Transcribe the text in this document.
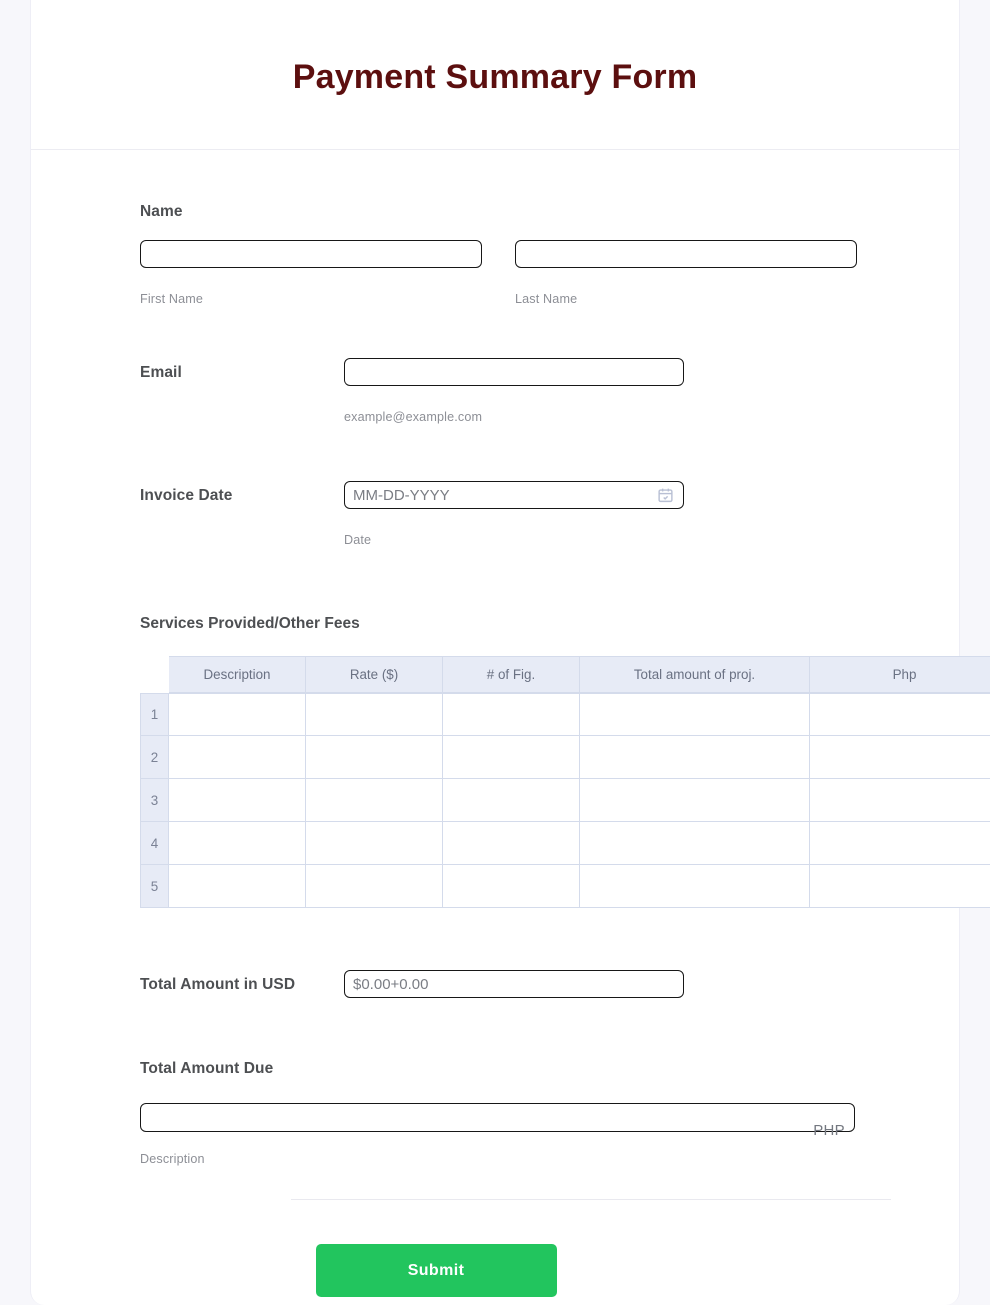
Payment Summary Form
Name
First Name	Last Name
Email
example@example.com
Invoice Date	MM-DD-YYYY
Date
Services Provided/Other Fees
	Description	Rate ($)	# of Fig.	Total amount of proj.	Php
1					
2					
3					
4					
5					
Total Amount in USD	$0.00+0.00
Total Amount Due
PHP
Description
Submit
